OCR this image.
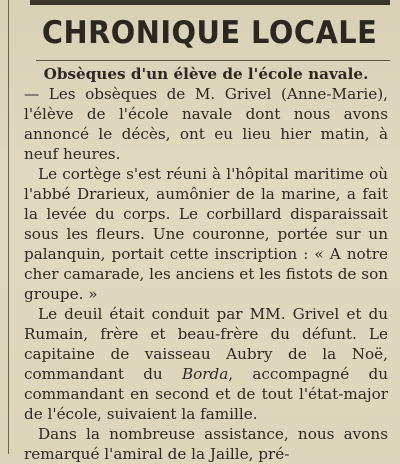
CHRONIQUE LOCALE

Obsèques d'un élève de l'école navale.

— Les obsèques de M. Grivel (Anne-Marie), l'élève de l'école navale dont nous avons annoncé le décès, ont eu lieu hier matin, à neuf heures.

Le cortège s'est réuni à l'hôpital maritime où l'abbé Drarieux, aumônier de la marine, a fait la levée du corps. Le corbillard disparaissait sous les fleurs. Une couronne, portée sur un palanquin, portait cette inscription : « A notre cher camarade, les anciens et les fistots de son groupe. »

Le deuil était conduit par MM. Grivel et du Rumain, frère et beau-frère du défunt. Le capitaine de vaisseau Aubry de la Noë, commandant du Borda, accompagné du commandant en second et de tout l'état-major de l'école, suivaient la famille.

Dans la nombreuse assistance, nous avons remarqué l'amiral de la Jaille, pré-
